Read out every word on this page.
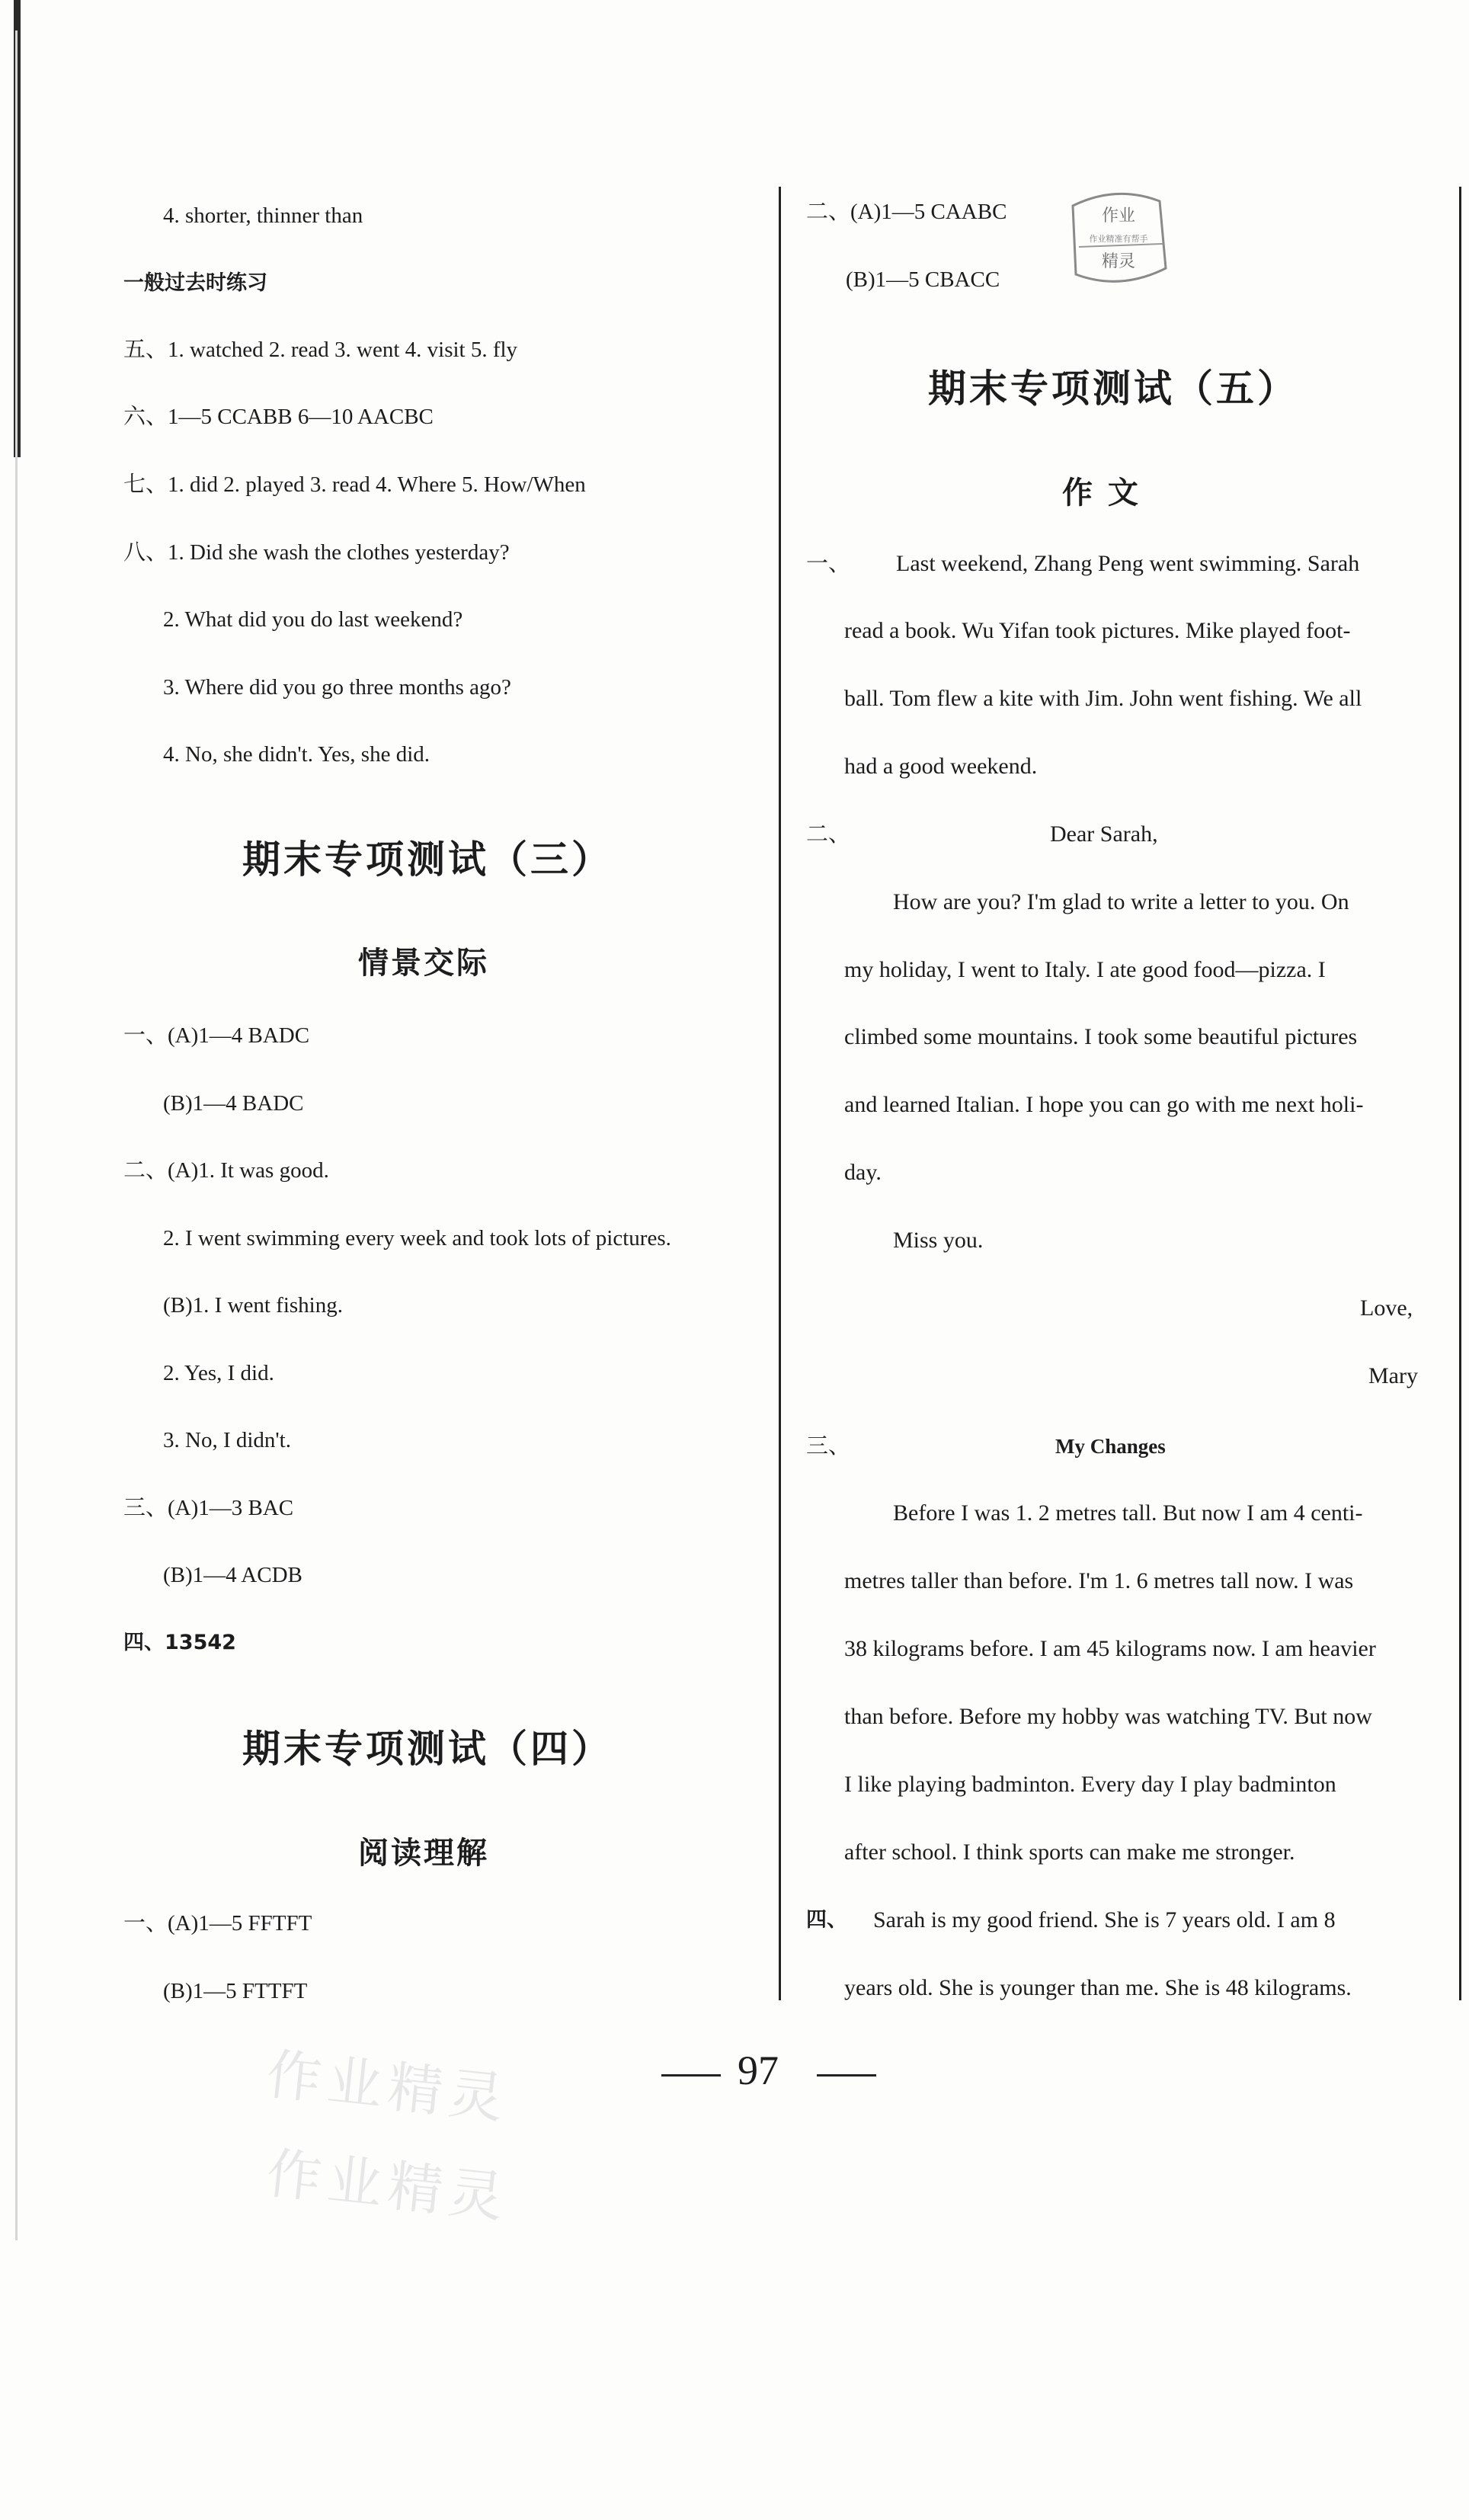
4. shorter, thinner than
一般过去时练习
五、1. watched 2. read 3. went 4. visit 5. fly
六、1—5 CCABB 6—10 AACBC
七、1. did 2. played 3. read 4. Where 5. How/When
八、1. Did she wash the clothes yesterday?
2. What did you do last weekend?
3. Where did you go three months ago?
4. No, she didn't. Yes, she did.
期末专项测试（三）
情景交际
一、(A)1—4 BADC
(B)1—4 BADC
二、(A)1. It was good.
2. I went swimming every week and took lots of pictures.
(B)1. I went fishing.
2. Yes, I did.
3. No, I didn't.
三、(A)1—3 BAC
(B)1—4 ACDB
四、13542
期末专项测试（四）
阅读理解
一、(A)1—5 FFTFT
(B)1—5 FTTFT
二、(A)1—5 CAABC
(B)1—5 CBACC
作业
作业精准有帮手
精灵
期末专项测试（五）
作 文
一、 Last weekend, Zhang Peng went swimming. Sarah
read a book. Wu Yifan took pictures. Mike played foot-
ball. Tom flew a kite with Jim. John went fishing. We all
had a good weekend.
二、	Dear Sarah,
How are you? I'm glad to write a letter to you. On
my holiday, I went to Italy. I ate good food—pizza. I
climbed some mountains. I took some beautiful pictures
and learned Italian. I hope you can go with me next holi-
day.
Miss you.
Love,
Mary
三、	My Changes
Before I was 1. 2 metres tall. But now I am 4 centi-
metres taller than before. I'm 1. 6 metres tall now. I was
38 kilograms before. I am 45 kilograms now. I am heavier
than before. Before my hobby was watching TV. But now
I like playing badminton. Every day I play badminton
after school. I think sports can make me stronger.
四、 Sarah is my good friend. She is 7 years old. I am 8
years old. She is younger than me. She is 48 kilograms.
97
作业精灵
作业精灵
